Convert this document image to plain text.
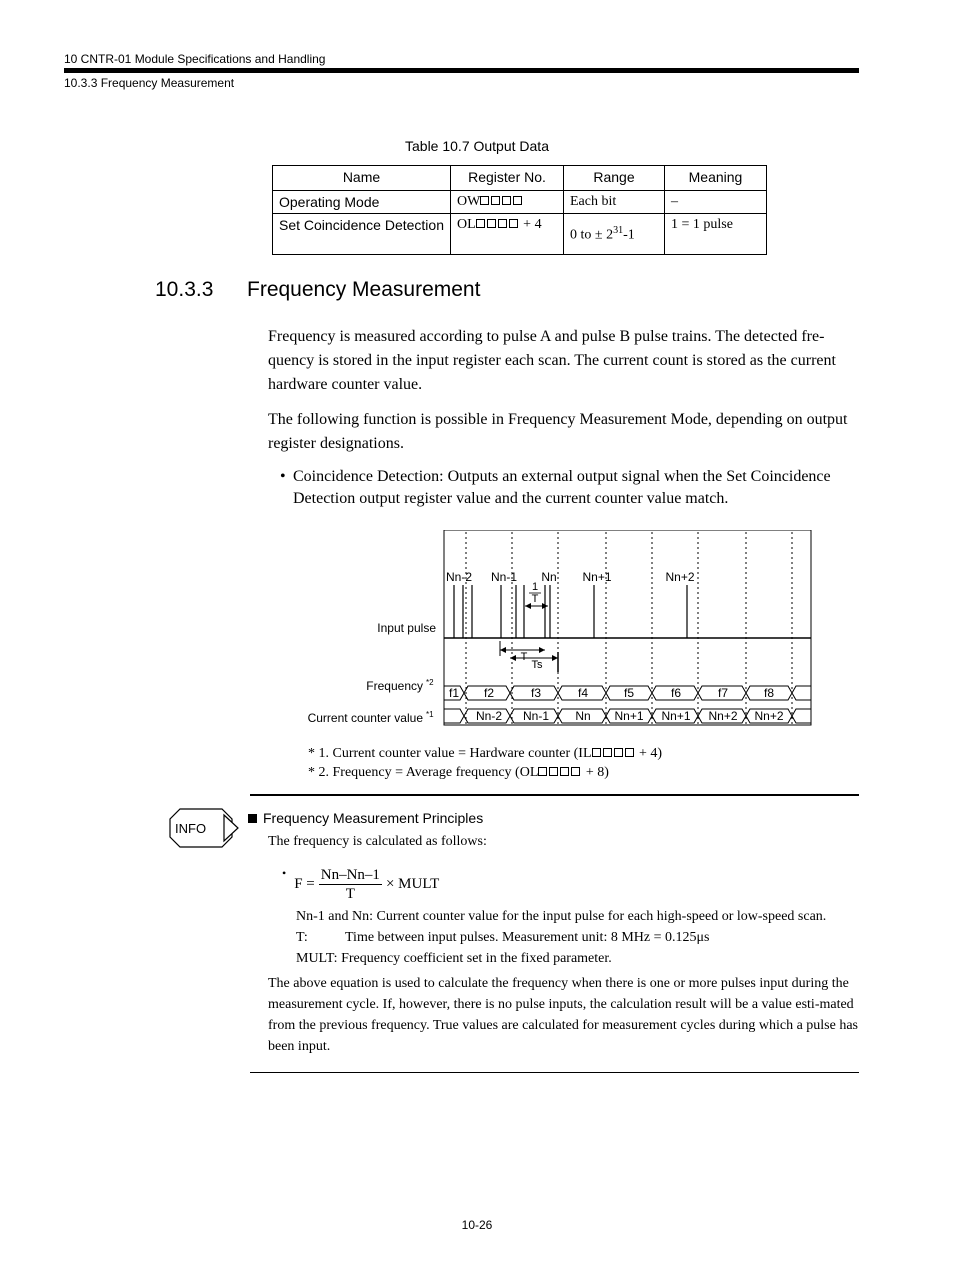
10 CNTR-01 Module Specifications and Handling
10.3.3 Frequency Measurement
Table 10.7 Output Data
Name	Register No.	Range	Meaning
Operating Mode	OW	Each bit	–
Set Coincidence Detection	OL + 4	0 to ± $2^{31}-1$	1 = 1 pulse
10.3.3 Frequency Measurement
Frequency is measured according to pulse A and pulse B pulse trains. The detected fre-quency is stored in the input register each scan. The current count is stored as the current hardware counter value.
The following function is possible in Frequency Measurement Mode, depending on output register designations.
• Coincidence Detection: Outputs an external output signal when the Set Coincidence Detection output register value and the current counter value match.
Nn-2 Nn-1 Nn Nn+1	Nn+2
1
T
T
Ts
Input pulse
Frequency *2
Current counter value *1
f1 f2	f3	f4	f5	f6	f7	f8
Nn-2 Nn-1 Nn Nn+1 Nn+1 Nn+2 Nn+2
* 1. Current counter value = Hardware counter (IL	+ 4)
* 2. Frequency = Average frequency (OL	+ 8)
INFO
Frequency Measurement Principles
The frequency is calculated as follows:
$^•F = \frac{Nn-Nn-1}{T}$ × MULT
Nn-1 and Nn: Current counter value for the input pulse for each high-speed or low-speed scan.
T:	Time between input pulses. Measurement unit: 8 MHz = 0.125μs
MULT: Frequency coefficient set in the fixed parameter.
The above equation is used to calculate the frequency when there is one or more pulses input during the measurement cycle. If, however, there is no pulse inputs, the calculation result will be a value esti-mated from the previous frequency. True values are calculated for measurement cycles during which a pulse has been input.
10-26
